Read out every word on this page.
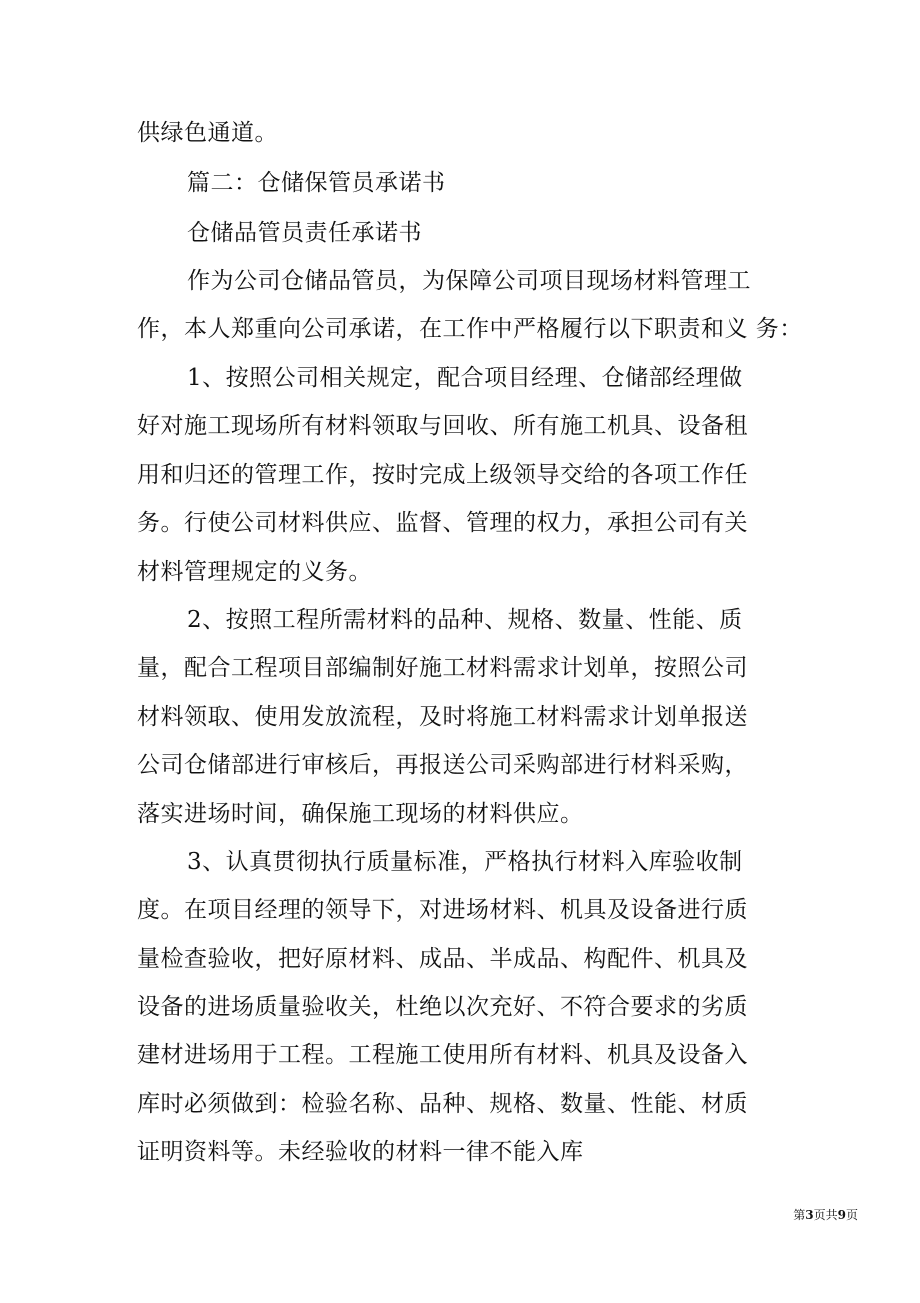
供绿色通道。
篇二：仓储保管员承诺书
仓储品管员责任承诺书
作为公司仓储品管员，为保障公司项目现场材料管理工
作，本人郑重向公司承诺，在工作中严格履行以下职责和义 务：
1、按照公司相关规定，配合项目经理、仓储部经理做
好对施工现场所有材料领取与回收、所有施工机具、设备租
用和归还的管理工作，按时完成上级领导交给的各项工作任
务。行使公司材料供应、监督、管理的权力，承担公司有关
材料管理规定的义务。
2、按照工程所需材料的品种、规格、数量、性能、质
量，配合工程项目部编制好施工材料需求计划单，按照公司
材料领取、使用发放流程，及时将施工材料需求计划单报送
公司仓储部进行审核后，再报送公司采购部进行材料采购，
落实进场时间，确保施工现场的材料供应。
3、认真贯彻执行质量标准，严格执行材料入库验收制
度。在项目经理的领导下，对进场材料、机具及设备进行质
量检查验收，把好原材料、成品、半成品、构配件、机具及
设备的进场质量验收关，杜绝以次充好、不符合要求的劣质
建材进场用于工程。工程施工使用所有材料、机具及设备入
库时必须做到：检验名称、品种、规格、数量、性能、材质
证明资料等。未经验收的材料一律不能入库
第3页共9页
